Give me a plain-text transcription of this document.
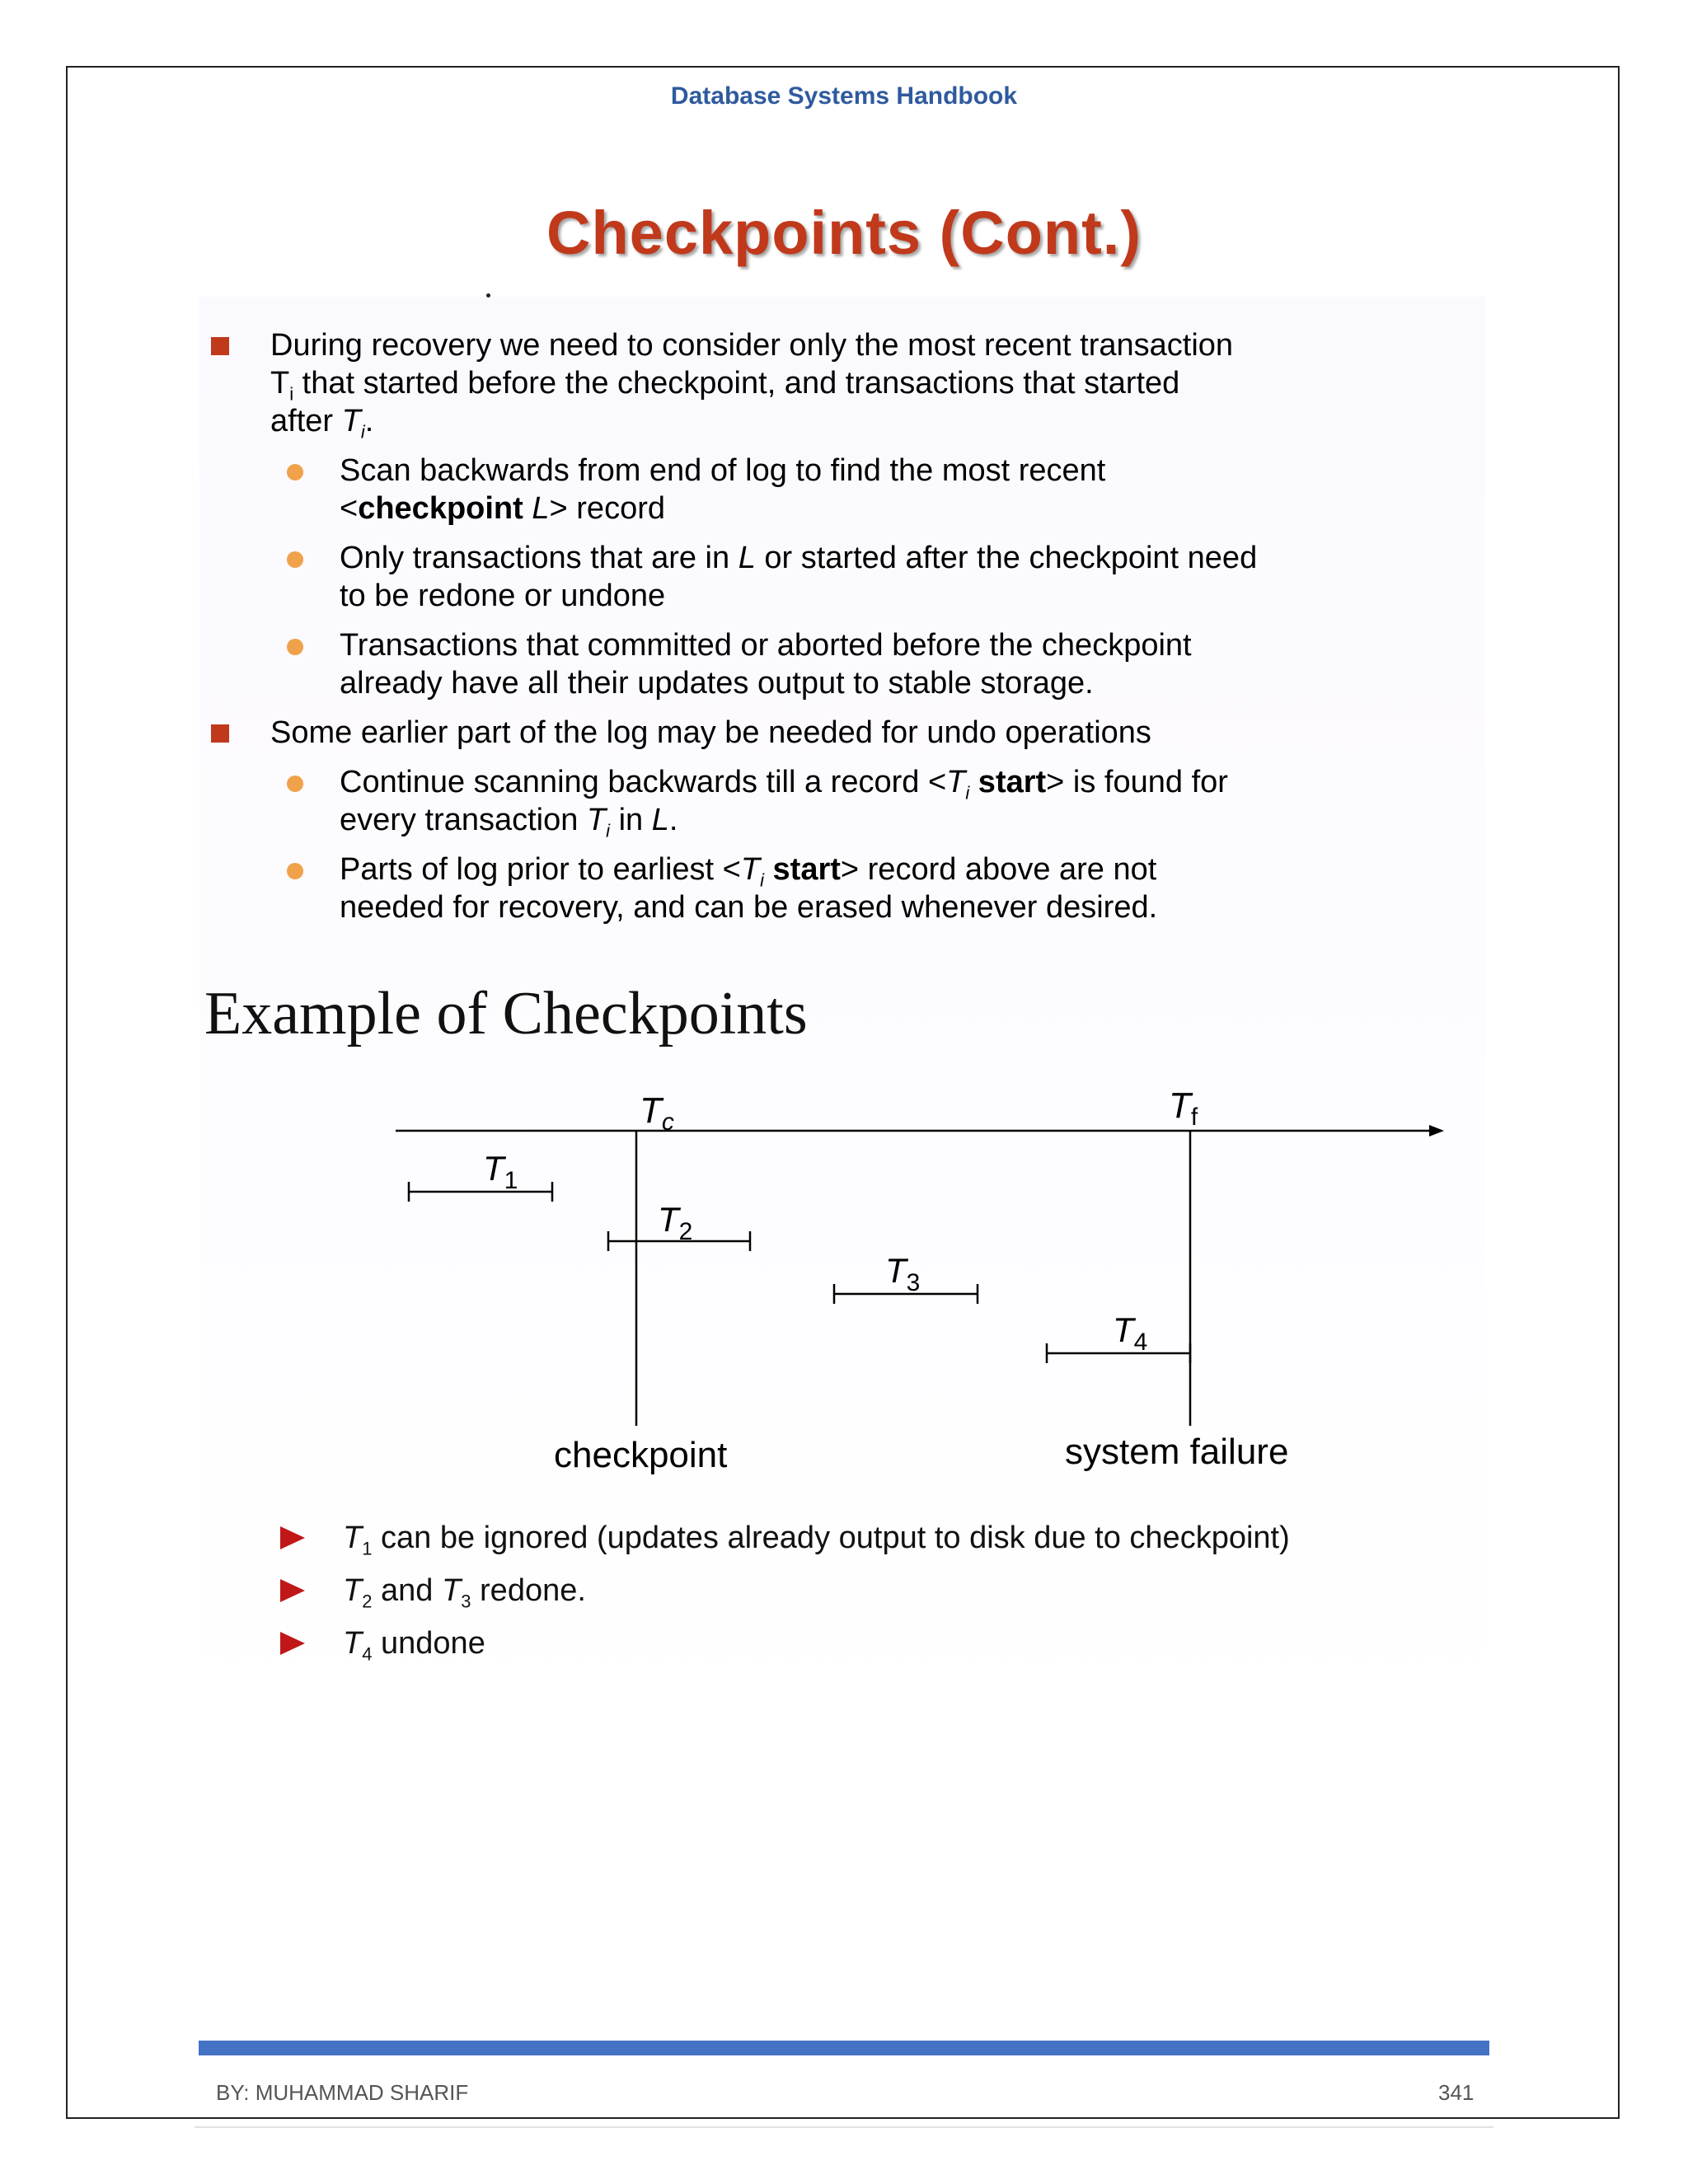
Database Systems Handbook
Checkpoints (Cont.)
During recovery we need to consider only the most recent transaction
$T_i$ that started before the checkpoint, and transactions that started
after $T_i$.
Scan backwards from end of log to find the most recent
<checkpoint L> record
Only transactions that are in L or started after the checkpoint need
to be redone or undone
Transactions that committed or aborted before the checkpoint
already have all their updates output to stable storage.
Some earlier part of the log may be needed for undo operations
Continue scanning backwards till a record $<T_i$ start> is found for
every transaction $T_i$ in L.
Parts of log prior to earliest $<T_i$ start> record above are not
needed for recovery, and can be erased whenever desired.
Example of Checkpoints
$T_c$	$T_f$
$T_1$
$T_2$
$T_3$
$T_4$
checkpoint	system failure
$T_1$ can be ignored (updates already output to disk due to checkpoint)
$T_2$ and $T_3$ redone.
$T_4$ undone
BY: MUHAMMAD SHARIF	341
